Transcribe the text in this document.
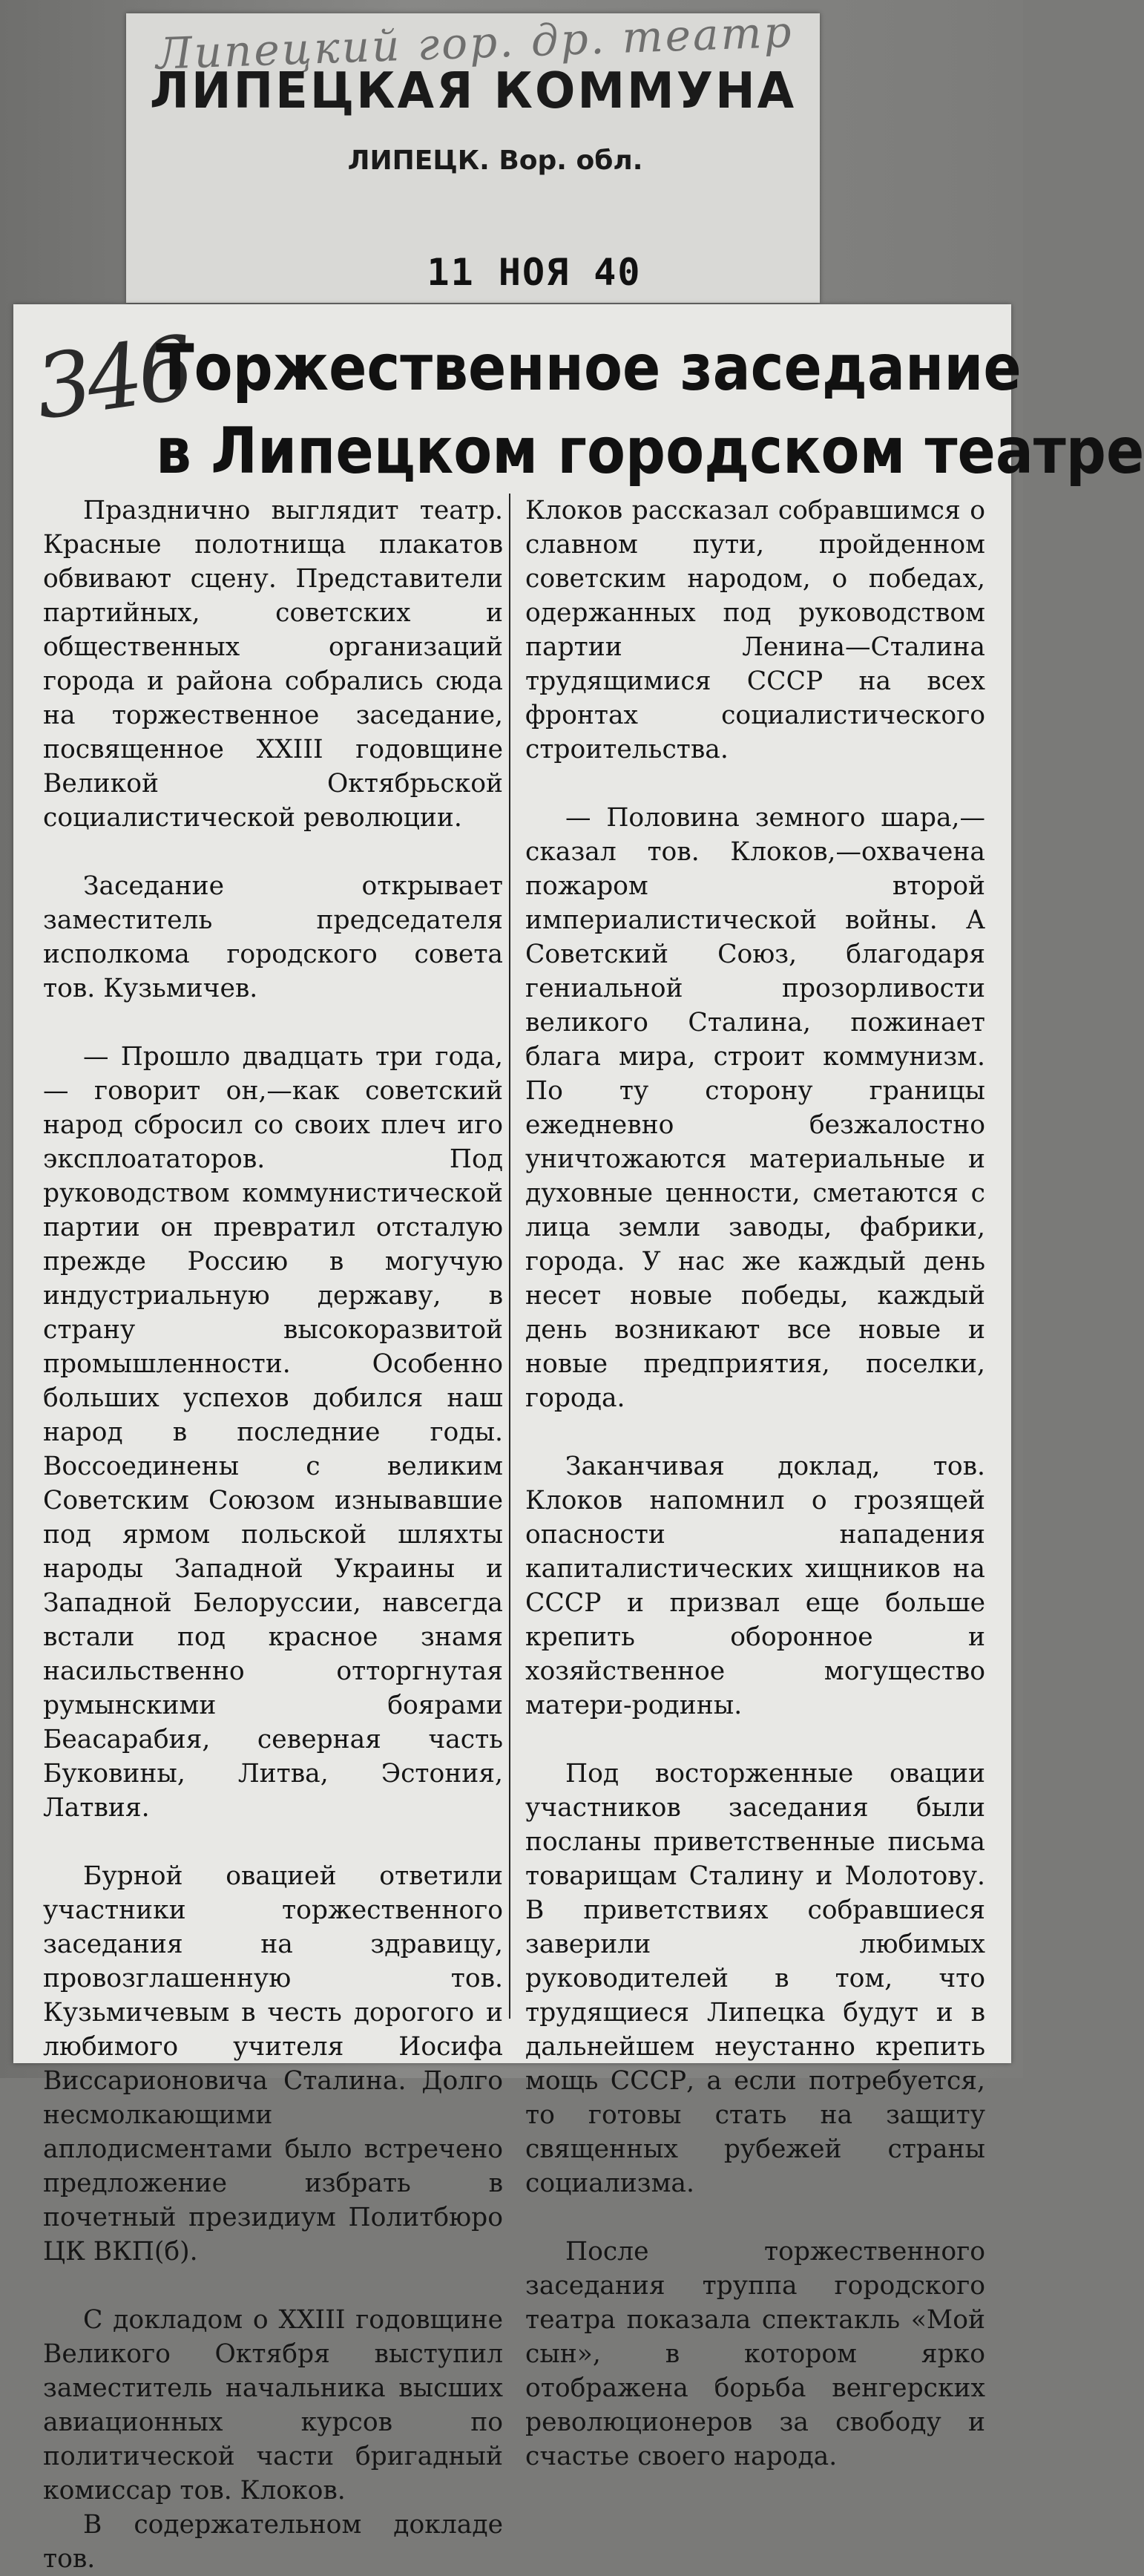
Липецкий гор. др. театр
ЛИПЕЦКАЯ КОММУНА
ЛИПЕЦК. Вор. обл.
11 НОЯ 40
346
Торжественное заседание
в Липецком городском театре

Празднично выглядит театр. Красные полотнища плакатов обвивают сцену. Представители партийных, советских и общественных организаций города и района собрались сюда на торжественное заседание, посвященное XXIII годовщине Великой Октябрьской социалистической революции.

Заседание открывает заместитель председателя исполкома городского совета тов. Кузьмичев.

— Прошло двадцать три года,— говорит он,—как советский народ сбросил со своих плеч иго эксплоататоров. Под руководством коммунистической партии он превратил отсталую прежде Россию в могучую индустриальную державу, в страну высокоразвитой промышленности. Особенно больших успехов добился наш народ в последние годы. Воссоединены с великим Советским Союзом изнывавшие под ярмом польской шляхты народы Западной Украины и Западной Белоруссии, навсегда встали под красное знамя насильственно отторгнутая румынскими боярами Беасарабия, северная часть Буковины, Литва, Эстония, Латвия.

Бурной овацией ответили участники торжественного заседания на здравицу, провозглашенную тов. Кузьмичевым в честь дорогого и любимого учителя Иосифа Виссарионовича Сталина. Долго несмолкающими аплодисментами было встречено предложение избрать в почетный президиум Политбюро ЦК ВКП(б).

С докладом о XXIII годовщине Великого Октября выступил заместитель начальника высших авиационных курсов по политической части бригадный комиссар тов. Клоков.

В содержательном докладе тов.

Клоков рассказал собравшимся о славном пути, пройденном советским народом, о победах, одержанных под руководством партии Ленина—Сталина трудящимися СССР на всех фронтах социалистического строительства.

— Половина земного шара,—сказал тов. Клоков,—охвачена пожаром второй империалистической войны. А Советский Союз, благодаря гениальной прозорливости великого Сталина, пожинает блага мира, строит коммунизм. По ту сторону границы ежедневно безжалостно уничтожаются материальные и духовные ценности, сметаются с лица земли заводы, фабрики, города. У нас же каждый день несет новые победы, каждый день возникают все новые и новые предприятия, поселки, города.

Заканчивая доклад, тов. Клоков напомнил о грозящей опасности нападения капиталистических хищников на СССР и призвал еще больше крепить оборонное и хозяйственное могущество матери-родины.

Под восторженные овации участников заседания были посланы приветственные письма товарищам Сталину и Молотову. В приветствиях собравшиеся заверили любимых руководителей в том, что трудящиеся Липецка будут и в дальнейшем неустанно крепить мощь СССР, а если потребуется, то готовы стать на защиту священных рубежей страны социализма.

После торжественного заседания труппа городского театра показала спектакль «Мой сын», в котором ярко отображена борьба венгерских революционеров за свободу и счастье своего народа.
